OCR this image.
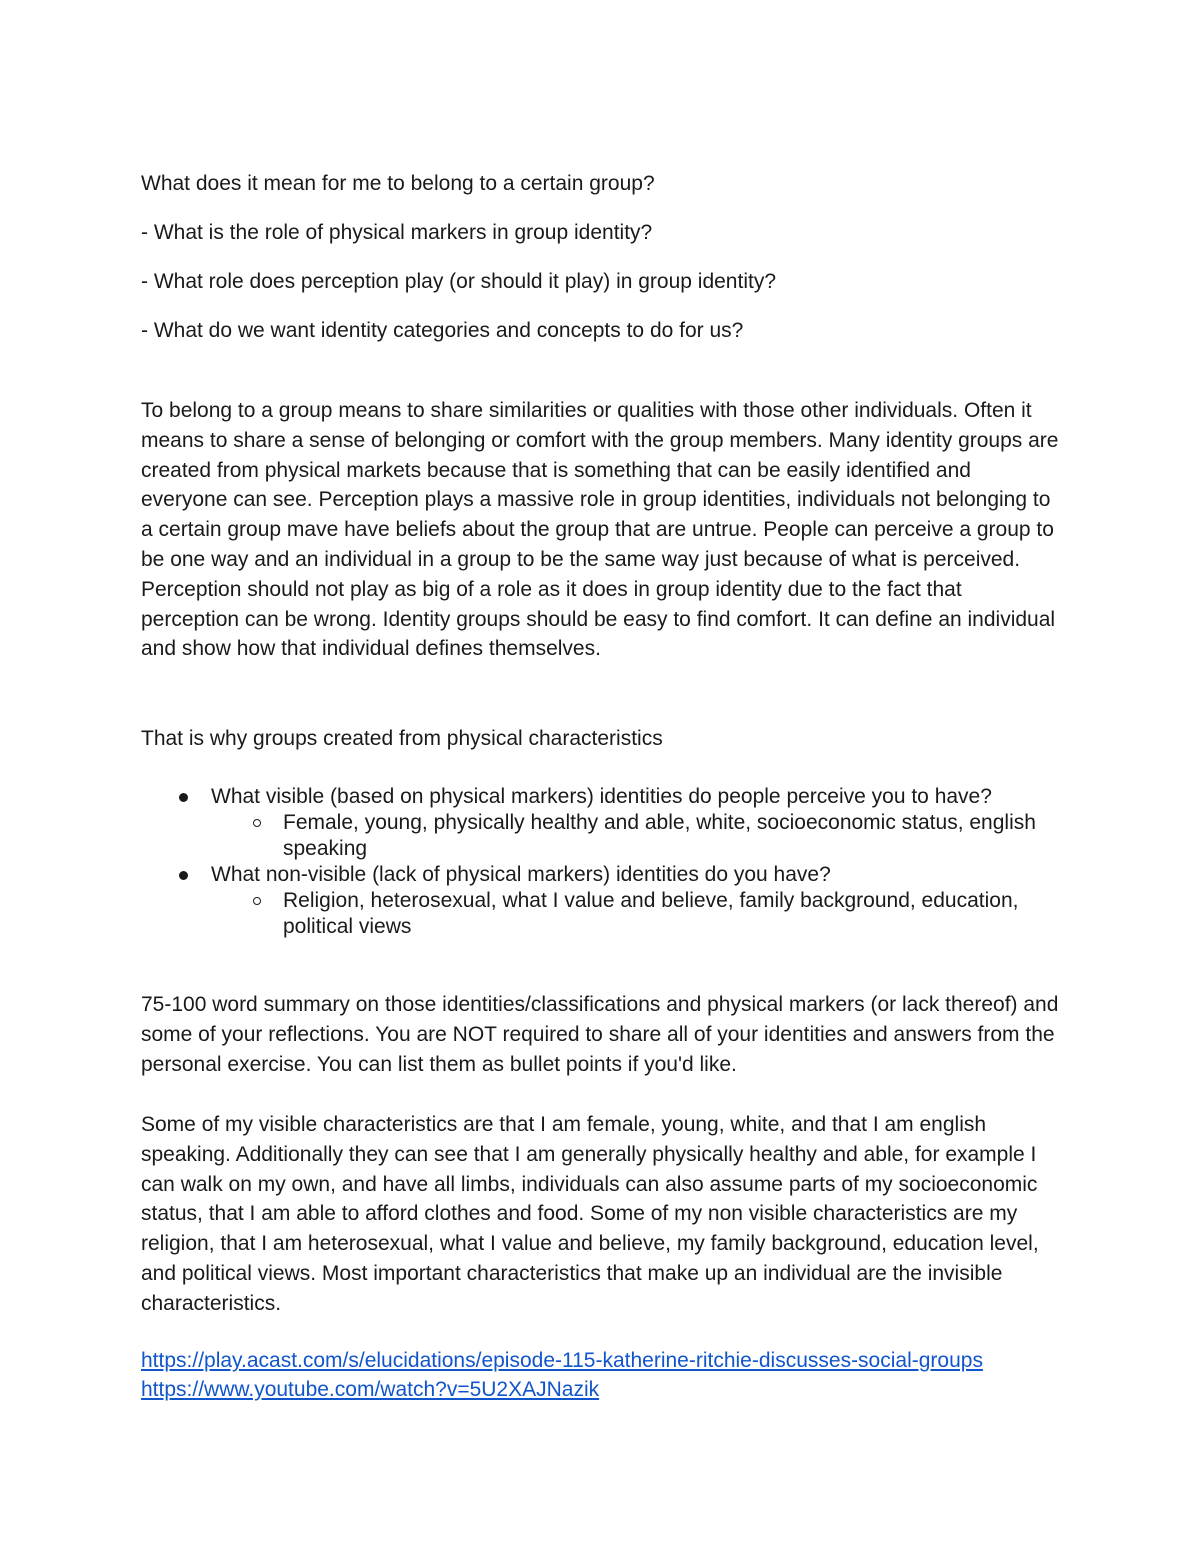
What does it mean for me to belong to a certain group?

- What is the role of physical markers in group identity?

- What role does perception play (or should it play) in group identity?

- What do we want identity categories and concepts to do for us?

To belong to a group means to share similarities or qualities with those other individuals. Often it means to share a sense of belonging or comfort with the group members. Many identity groups are created from physical markets because that is something that can be easily identified and everyone can see. Perception plays a massive role in group identities, individuals not belonging to a certain group mave have beliefs about the group that are untrue. People can perceive a group to be one way and an individual in a group to be the same way just because of what is perceived. Perception should not play as big of a role as it does in group identity due to the fact that perception can be wrong. Identity groups should be easy to find comfort. It can define an individual and show how that individual defines themselves.

That is why groups created from physical characteristics

What visible (based on physical markers) identities do people perceive you to have?
Female, young, physically healthy and able, white, socioeconomic status, english speaking
What non-visible (lack of physical markers) identities do you have?
Religion, heterosexual, what I value and believe, family background, education, political views

75-100 word summary on those identities/classifications and physical markers (or lack thereof) and some of your reflections. You are NOT required to share all of your identities and answers from the personal exercise. You can list them as bullet points if you'd like.

Some of my visible characteristics are that I am female, young, white, and that I am english speaking. Additionally they can see that I am generally physically healthy and able, for example I can walk on my own, and have all limbs, individuals can also assume parts of my socioeconomic status, that I am able to afford clothes and food. Some of my non visible characteristics are my religion, that I am heterosexual, what I value and believe, my family background, education level, and political views. Most important characteristics that make up an individual are the invisible characteristics.

https://play.acast.com/s/elucidations/episode-115-katherine-ritchie-discusses-social-groups
https://www.youtube.com/watch?v=5U2XAJNazik
